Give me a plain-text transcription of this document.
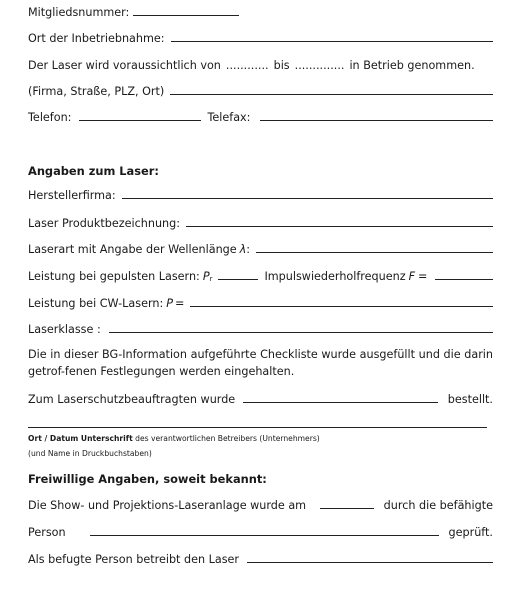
Mitgliedsnummer:
Ort der Inbetriebnahme:
Der Laser wird voraussichtlich von ............ bis .............. in Betrieb genommen.
(Firma, Straße, PLZ, Ort)
Telefon:	Telefax:
Angaben zum Laser:
Herstellerfirma:
Laser Produktbezeichnung:
Laserart mit Angabe der Wellenlänge λ :
Leistung bei gepulsten Lasern: $P_r$	Impulswiederholfrequenz F =
Leistung bei CW-Lasern: P =
Laserklasse :
Die in dieser BG-Information aufgeführte Checkliste wurde ausgefüllt und die darin getrof-fenen Festlegungen werden eingehalten.
Zum Laserschutzbeauftragten wurde	bestellt.
Ort / Datum Unterschrift des verantwortlichen Betreibers (Unternehmers)
(und Name in Druckbuchstaben)
Freiwillige Angaben, soweit bekannt:
Die Show- und Projektions-Laseranlage wurde am	durch die befähigte
Person	geprüft.
Als befugte Person betreibt den Laser
